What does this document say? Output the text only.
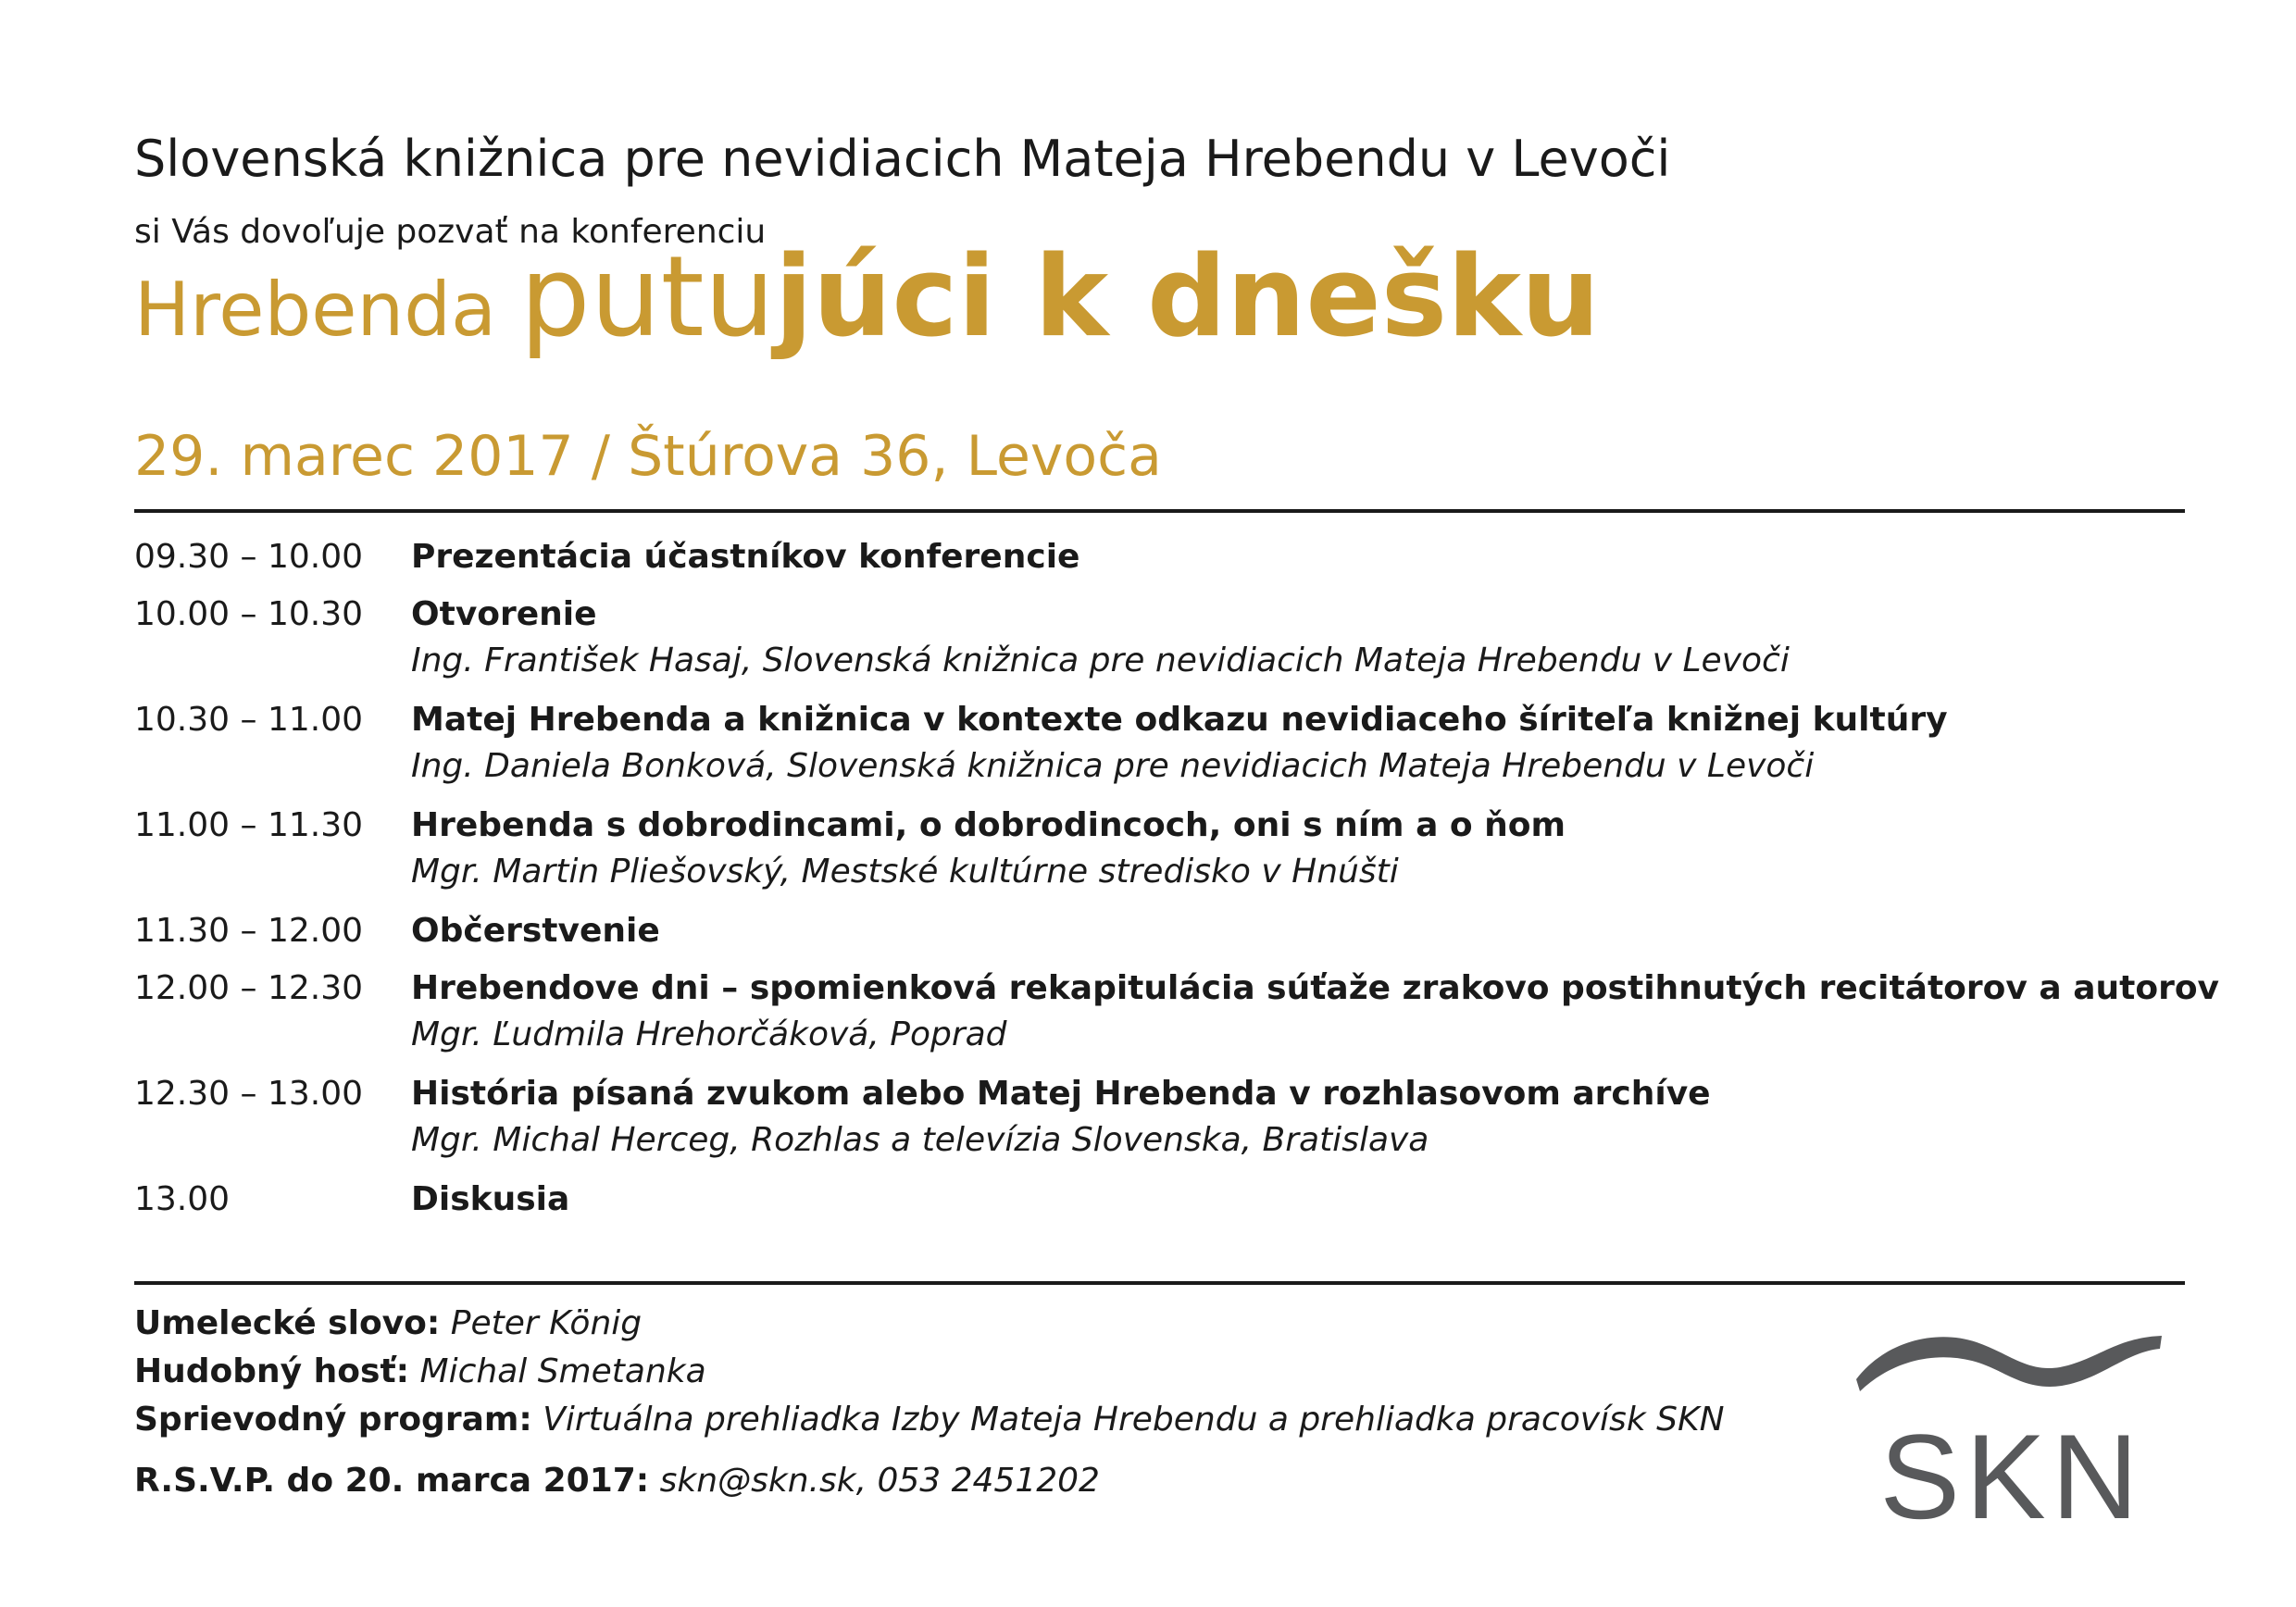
Slovenská knižnica pre nevidiacich Mateja Hrebendu v Levoči
si Vás dovoľuje pozvať na konferenciu
Hrebenda putujúci k dnešku
29. marec 2017 / Štúrova 36, Levoča
09.30 – 10.00 Prezentácia účastníkov konferencie
10.00 – 10.30 Otvorenie
Ing. František Hasaj, Slovenská knižnica pre nevidiacich Mateja Hrebendu v Levoči
10.30 – 11.00 Matej Hrebenda a knižnica v kontexte odkazu nevidiaceho šíriteľa knižnej kultúry
Ing. Daniela Bonková, Slovenská knižnica pre nevidiacich Mateja Hrebendu v Levoči
11.00 – 11.30 Hrebenda s dobrodincami, o dobrodincoch, oni s ním a o ňom
Mgr. Martin Pliešovský, Mestské kultúrne stredisko v Hnúšti
11.30 – 12.00 Občerstvenie
12.00 – 12.30 Hrebendove dni – spomienková rekapitulácia súťaže zrakovo postihnutých recitátorov a autorov
Mgr. Ľudmila Hrehorčáková, Poprad
12.30 – 13.00 História písaná zvukom alebo Matej Hrebenda v rozhlasovom archíve
Mgr. Michal Herceg, Rozhlas a televízia Slovenska, Bratislava
13.00	Diskusia
Umelecké slovo: Peter König
Hudobný hosť: Michal Smetanka
Sprievodný program: Virtuálna prehliadka Izby Mateja Hrebendu a prehliadka pracovísk SKN
R.S.V.P. do 20. marca 2017: skn@skn.sk, 053 2451202	SKN
